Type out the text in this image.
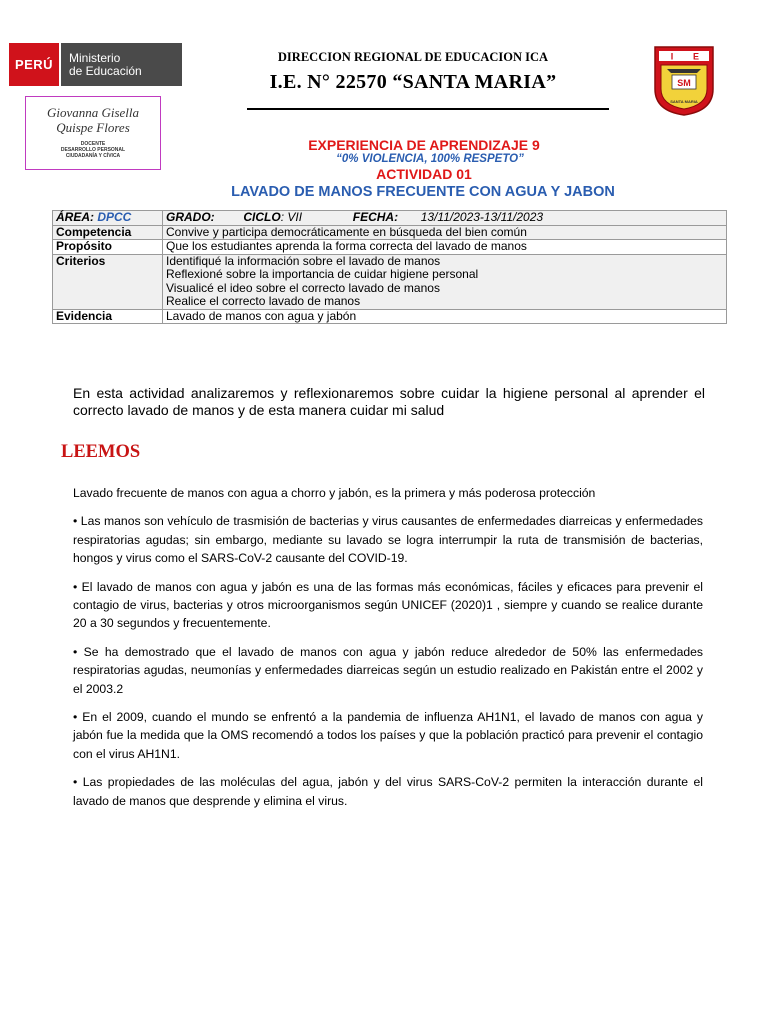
PERÚ	Ministerio
de Educación
Giovanna Gisella
Quispe Flores
DOCENTE
DESARROLLO PERSONAL
CIUDADANÍA Y CÍVICA
DIRECCION REGIONAL DE EDUCACION ICA
I.E. N° 22570 “SANTA MARIA”
I E
SM
SANTA MARIA
EXPERIENCIA DE APRENDIZAJE 9
“0% VIOLENCIA, 100% RESPETO”
ACTIVIDAD 01
LAVADO DE MANOS FRECUENTE CON AGUA Y JABON
ÁREA: DPCC	GRADO: CICLO: VII FECHA: 13/11/2023-13/11/2023
Competencia	Convive y participa democráticamente en búsqueda del bien común
Propósito	Que los estudiantes aprenda la forma correcta del lavado de manos
Criterios	Identifiqué la información sobre el lavado de manos
Reflexioné sobre la importancia de cuidar higiene personal
Visualicé el ideo sobre el correcto lavado de manos
Realice el correcto lavado de manos

Evidencia	Lavado de manos con agua y jabón
En esta actividad analizaremos y reflexionaremos sobre cuidar la higiene personal al aprender el correcto lavado de manos y de esta manera cuidar mi salud
LEEMOS

Lavado frecuente de manos con agua a chorro y jabón, es la primera y más poderosa protección

• Las manos son vehículo de trasmisión de bacterias y virus causantes de enfermedades diarreicas y enfermedades respiratorias agudas; sin embargo, mediante su lavado se logra interrumpir la ruta de transmisión de bacterias, hongos y virus como el SARS-CoV-2 causante del COVID-19.

• El lavado de manos con agua y jabón es una de las formas más económicas, fáciles y eficaces para prevenir el contagio de virus, bacterias y otros microorganismos según UNICEF (2020)1 , siempre y cuando se realice durante 20 a 30 segundos y frecuentemente.

• Se ha demostrado que el lavado de manos con agua y jabón reduce alrededor de 50% las enfermedades respiratorias agudas, neumonías y enfermedades diarreicas según un estudio realizado en Pakistán entre el 2002 y el 2003.2

• En el 2009, cuando el mundo se enfrentó a la pandemia de influenza AH1N1, el lavado de manos con agua y jabón fue la medida que la OMS recomendó a todos los países y que la población practicó para prevenir el contagio con el virus AH1N1.

• Las propiedades de las moléculas del agua, jabón y del virus SARS-CoV-2 permiten la interacción durante el lavado de manos que desprende y elimina el virus.
